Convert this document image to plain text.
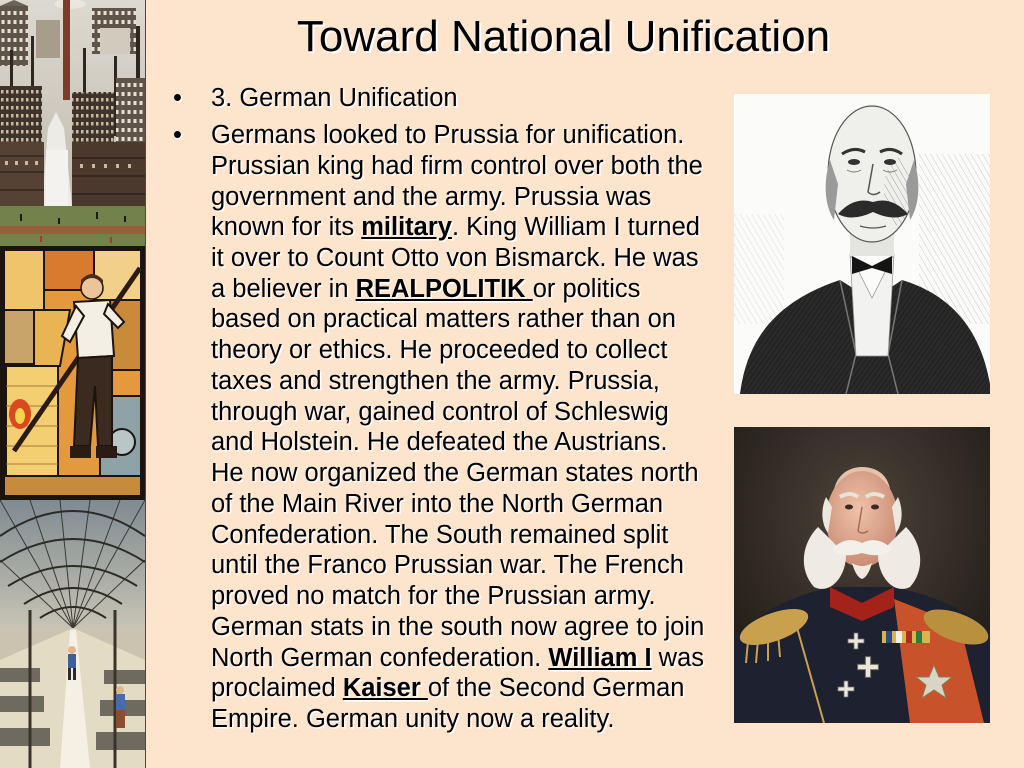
Toward National Unification
•	3. German Unification
•	Germans looked to Prussia for unification.
Prussian king had firm control over both the
government and the army. Prussia was
known for its military. King William I turned
it over to Count Otto von Bismarck. He was
a believer in REALPOLITIK or politics
based on practical matters rather than on
theory or ethics. He proceeded to collect
taxes and strengthen the army. Prussia,
through war, gained control of Schleswig
and Holstein. He defeated the Austrians.
He now organized the German states north
of the Main River into the North German
Confederation. The South remained split
until the Franco Prussian war. The French
proved no match for the Prussian army.
German stats in the south now agree to join
North German confederation. William I was
proclaimed Kaiser of the Second German
Empire. German unity now a reality.
